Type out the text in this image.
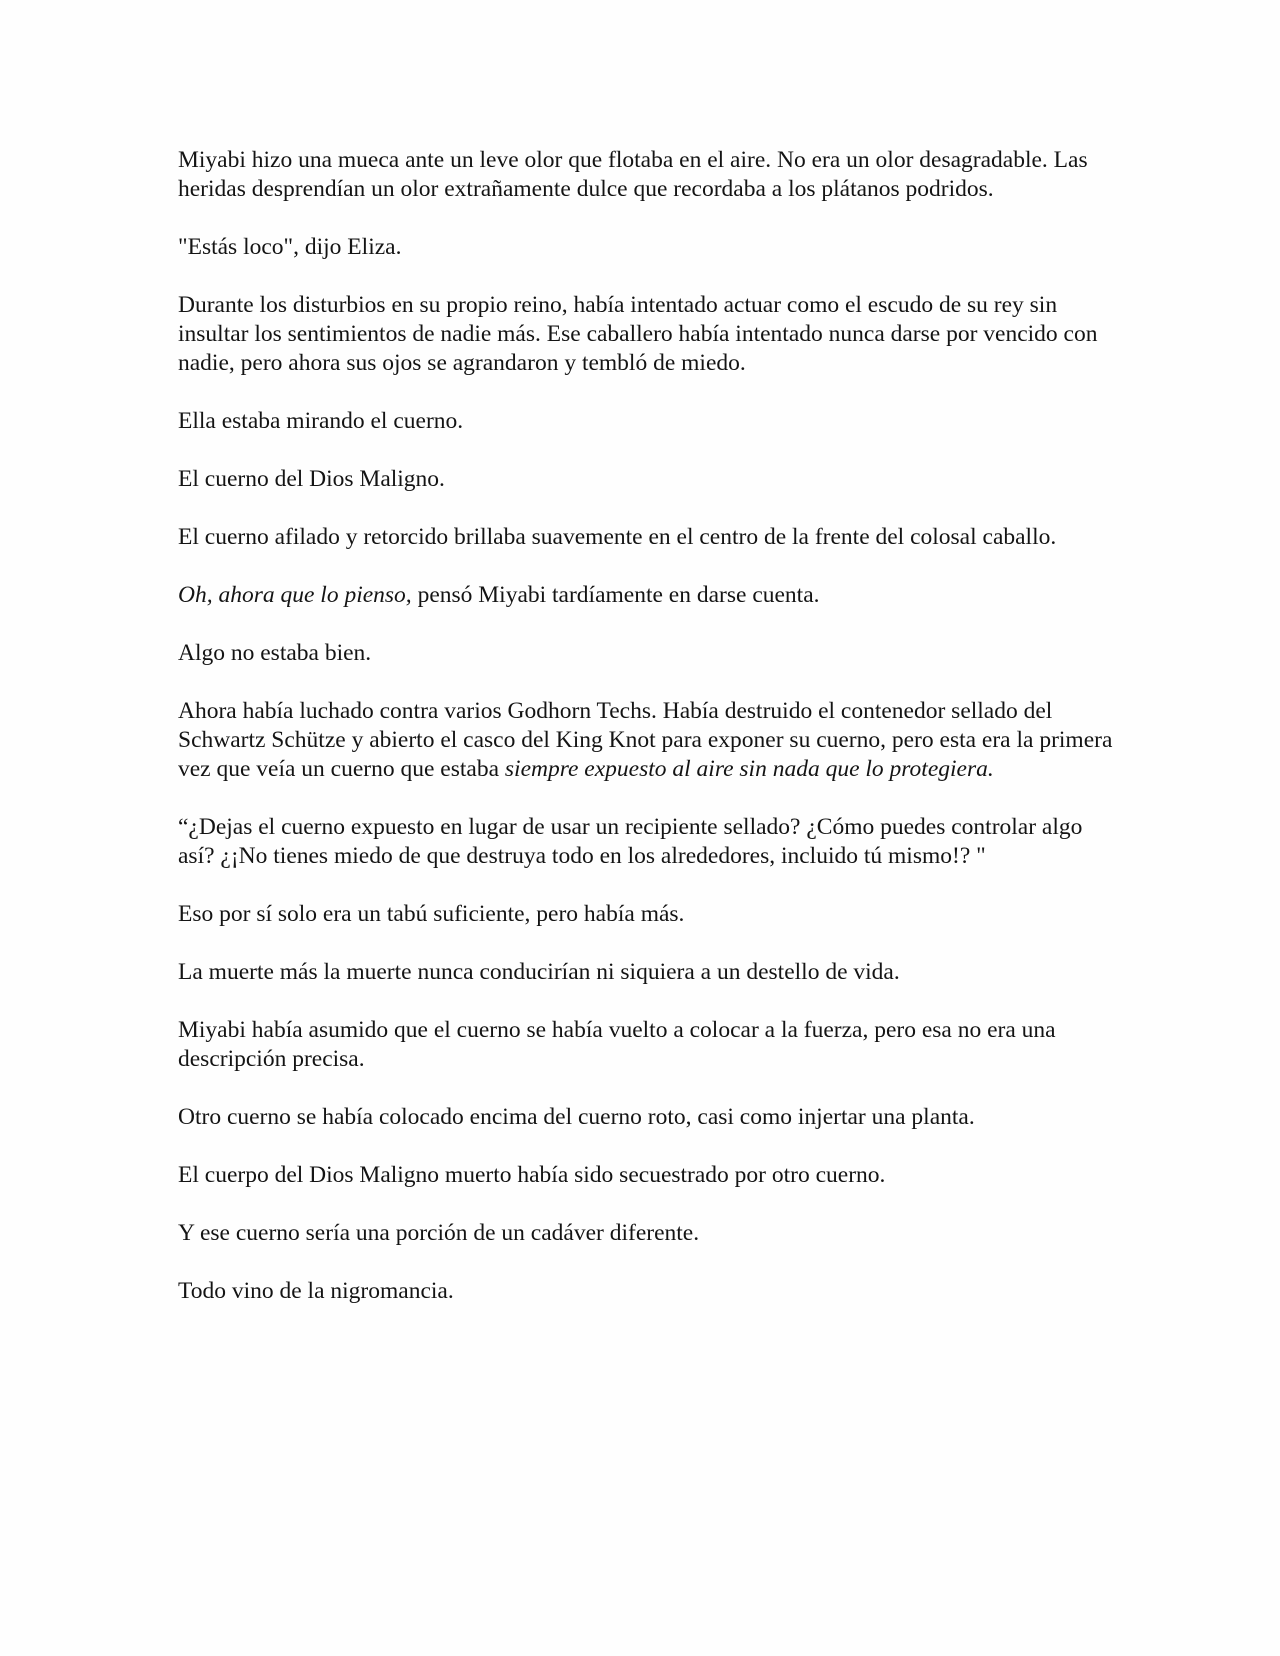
Miyabi hizo una mueca ante un leve olor que flotaba en el aire. No era un olor desagradable. Las heridas desprendían un olor extrañamente dulce que recordaba a los plátanos podridos.

"Estás loco", dijo Eliza.

Durante los disturbios en su propio reino, había intentado actuar como el escudo de su rey sin insultar los sentimientos de nadie más. Ese caballero había intentado nunca darse por vencido con nadie, pero ahora sus ojos se agrandaron y tembló de miedo.

Ella estaba mirando el cuerno.

El cuerno del Dios Maligno.

El cuerno afilado y retorcido brillaba suavemente en el centro de la frente del colosal caballo.

Oh, ahora que lo pienso, pensó Miyabi tardíamente en darse cuenta.

Algo no estaba bien.

Ahora había luchado contra varios Godhorn Techs. Había destruido el contenedor sellado del Schwartz Schütze y abierto el casco del King Knot para exponer su cuerno, pero esta era la primera vez que veía un cuerno que estaba siempre expuesto al aire sin nada que lo protegiera.

“¿Dejas el cuerno expuesto en lugar de usar un recipiente sellado? ¿Cómo puedes controlar algo así? ¿¡No tienes miedo de que destruya todo en los alrededores, incluido tú mismo!? "

Eso por sí solo era un tabú suficiente, pero había más.

La muerte más la muerte nunca conducirían ni siquiera a un destello de vida.

Miyabi había asumido que el cuerno se había vuelto a colocar a la fuerza, pero esa no era una descripción precisa.

Otro cuerno se había colocado encima del cuerno roto, casi como injertar una planta.

El cuerpo del Dios Maligno muerto había sido secuestrado por otro cuerno.

Y ese cuerno sería una porción de un cadáver diferente.

Todo vino de la nigromancia.
